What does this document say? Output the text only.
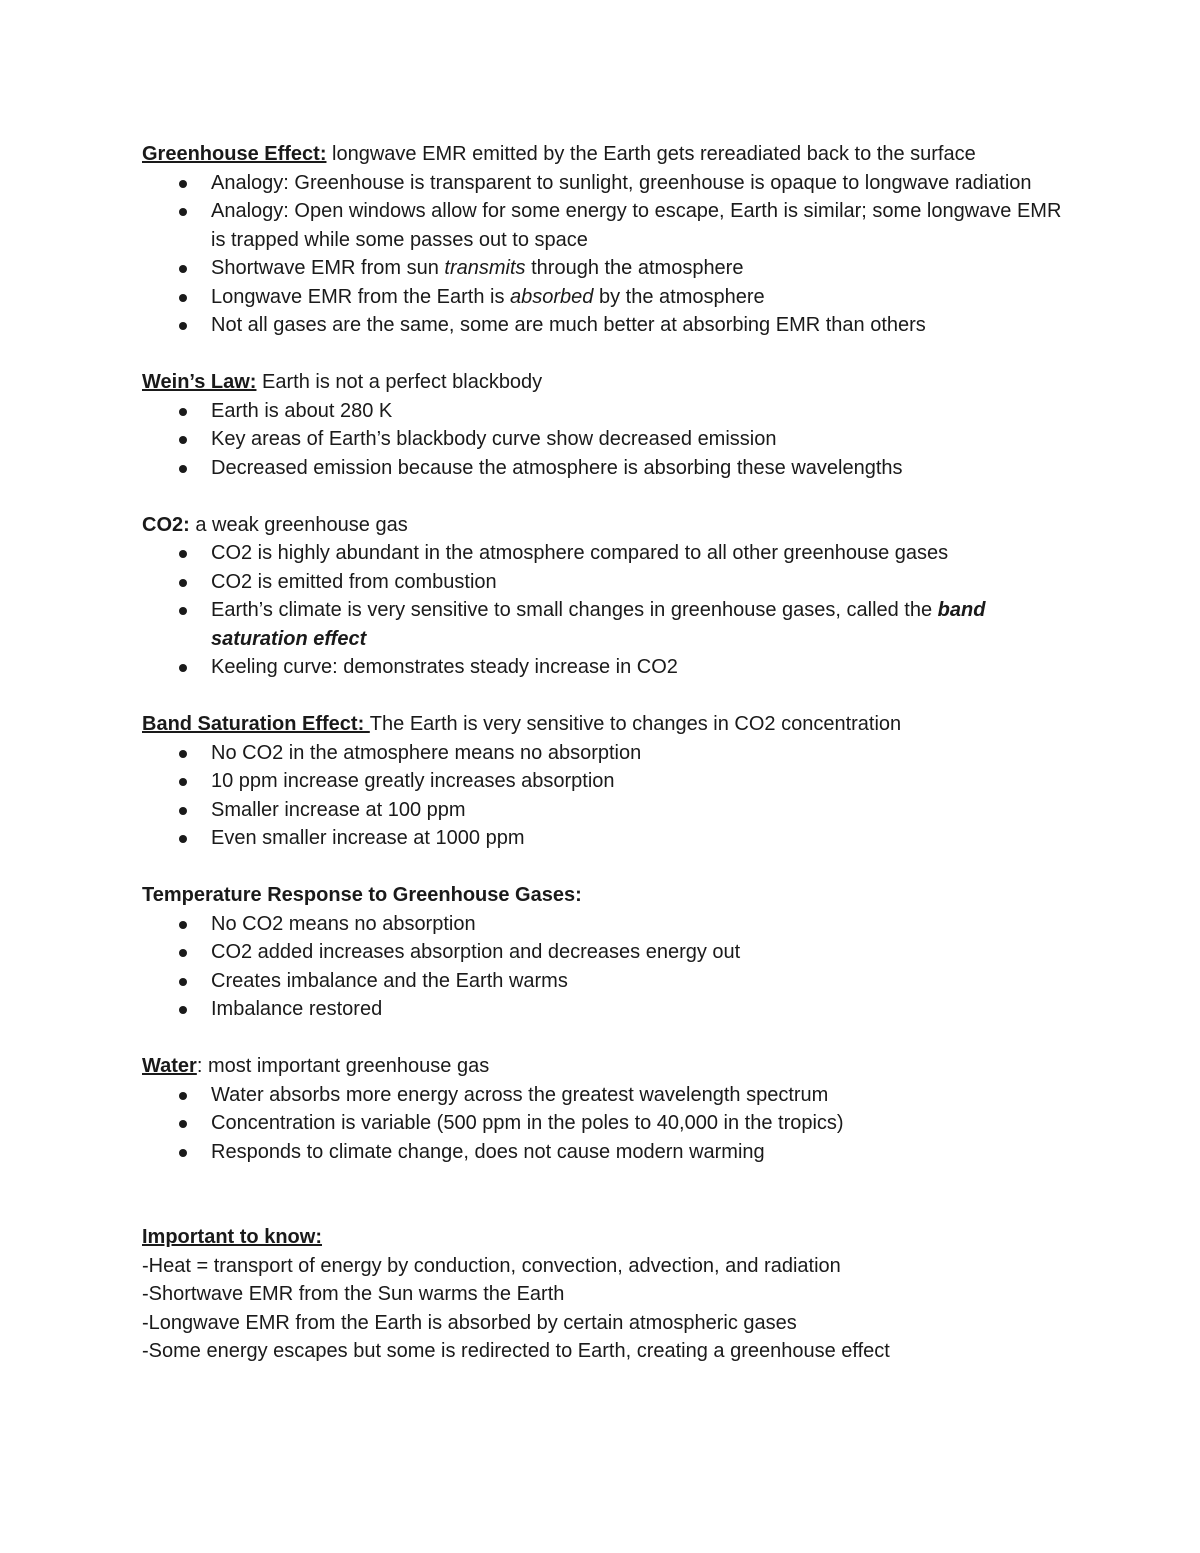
Greenhouse Effect: longwave EMR emitted by the Earth gets rereadiated back to the surface

Analogy: Greenhouse is transparent to sunlight, greenhouse is opaque to longwave radiation
Analogy: Open windows allow for some energy to escape, Earth is similar; some longwave EMR is trapped while some passes out to space
Shortwave EMR from sun transmits through the atmosphere
Longwave EMR from the Earth is absorbed by the atmosphere
Not all gases are the same, some are much better at absorbing EMR than others

Wein’s Law: Earth is not a perfect blackbody

Earth is about 280 K
Key areas of Earth’s blackbody curve show decreased emission
Decreased emission because the atmosphere is absorbing these wavelengths

CO2: a weak greenhouse gas

CO2 is highly abundant in the atmosphere compared to all other greenhouse gases
CO2 is emitted from combustion
Earth’s climate is very sensitive to small changes in greenhouse gases, called the band saturation effect
Keeling curve: demonstrates steady increase in CO2

Band Saturation Effect: The Earth is very sensitive to changes in CO2 concentration

No CO2 in the atmosphere means no absorption
10 ppm increase greatly increases absorption
Smaller increase at 100 ppm
Even smaller increase at 1000 ppm

Temperature Response to Greenhouse Gases:

No CO2 means no absorption
CO2 added increases absorption and decreases energy out
Creates imbalance and the Earth warms
Imbalance restored

Water: most important greenhouse gas

Water absorbs more energy across the greatest wavelength spectrum
Concentration is variable (500 ppm in the poles to 40,000 in the tropics)
Responds to climate change, does not cause modern warming

Important to know:

-Heat = transport of energy by conduction, convection, advection, and radiation

-Shortwave EMR from the Sun warms the Earth

-Longwave EMR from the Earth is absorbed by certain atmospheric gases

-Some energy escapes but some is redirected to Earth, creating a greenhouse effect
